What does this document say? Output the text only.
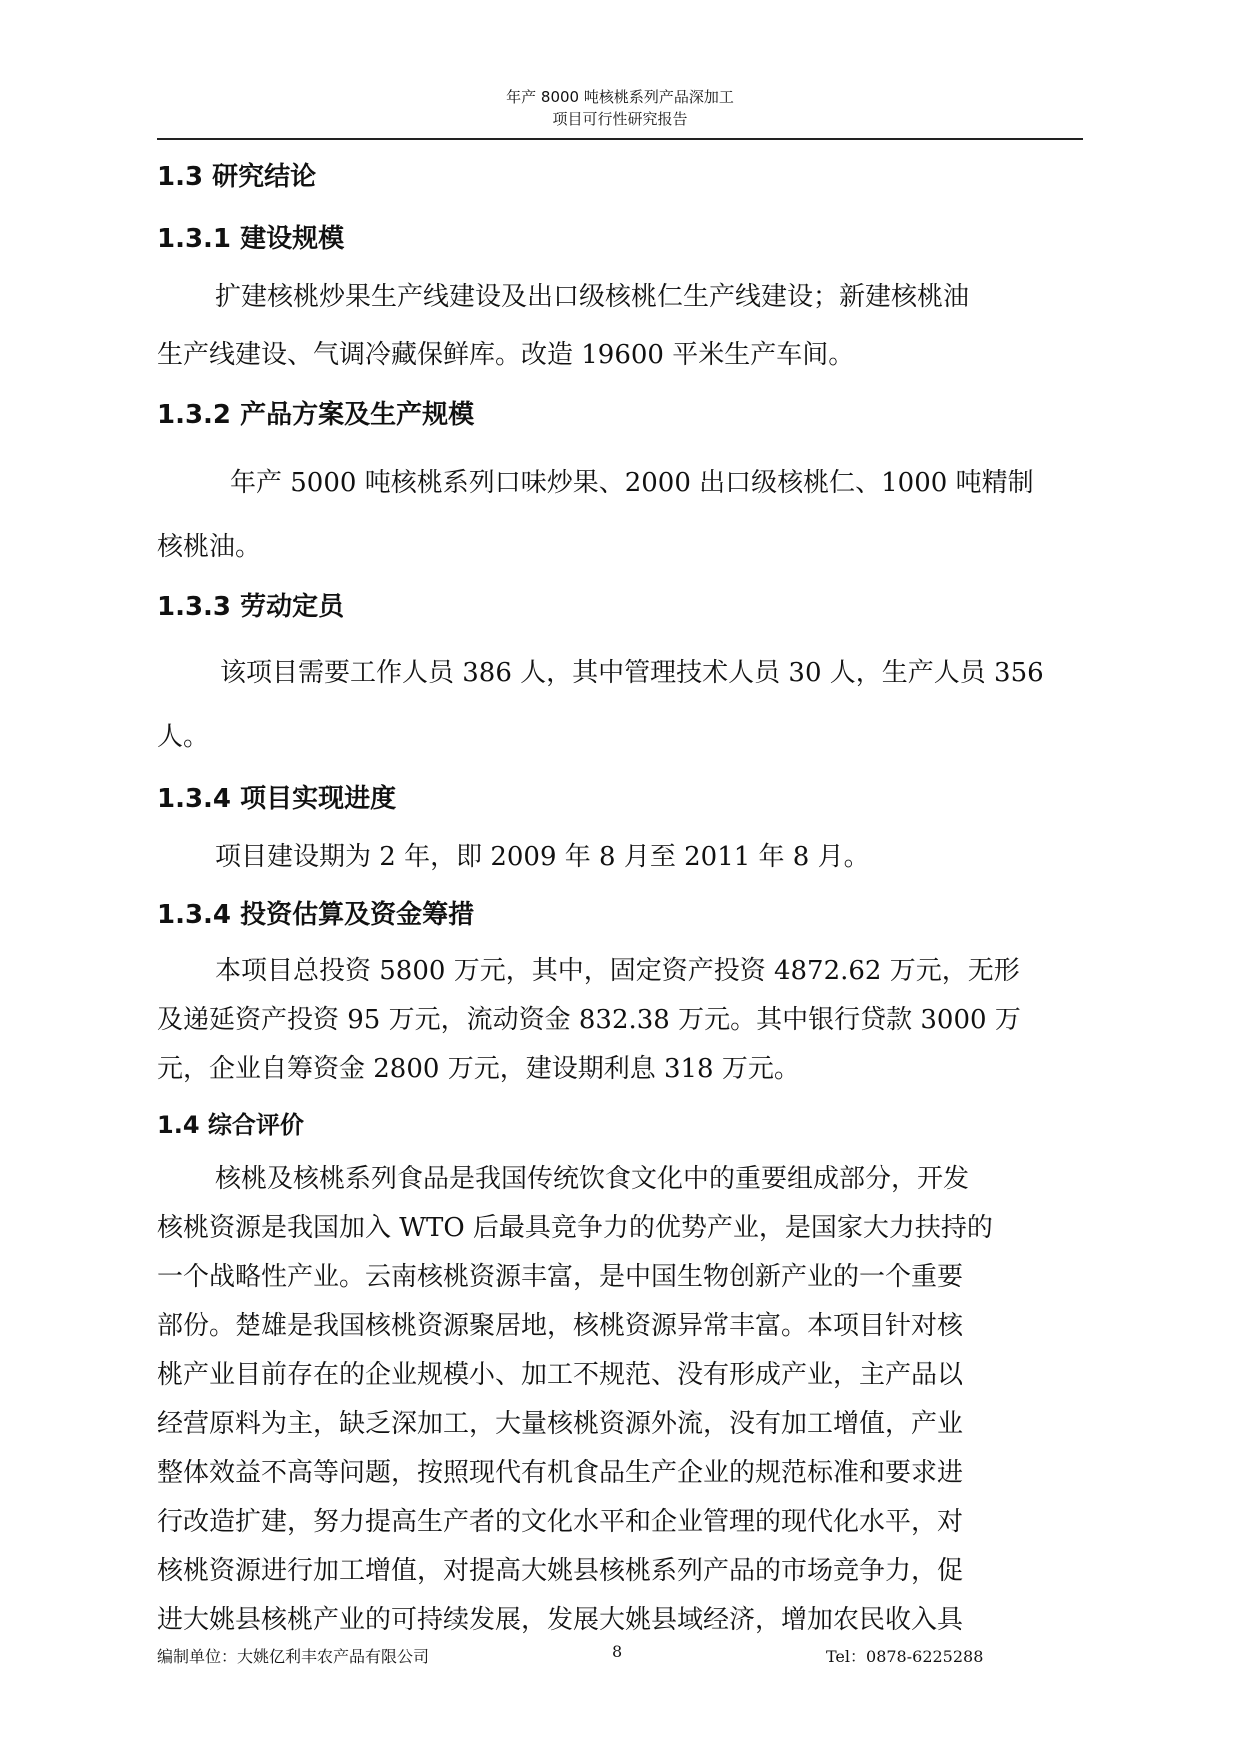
年产 8000 吨核桃系列产品深加工
项目可行性研究报告
1.3 研究结论
1.3.1 建设规模
扩建核桃炒果生产线建设及出口级核桃仁生产线建设；新建核桃油
生产线建设、气调冷藏保鲜库。改造 19600 平米生产车间。
1.3.2 产品方案及生产规模
年产 5000 吨核桃系列口味炒果、2000 出口级核桃仁、1000 吨精制
核桃油。
1.3.3 劳动定员
该项目需要工作人员 386 人，其中管理技术人员 30 人，生产人员 356
人。
1.3.4 项目实现进度
项目建设期为 2 年，即 2009 年 8 月至 2011 年 8 月。
1.3.4 投资估算及资金筹措
本项目总投资 5800 万元，其中，固定资产投资 4872.62 万元，无形
及递延资产投资 95 万元，流动资金 832.38 万元。其中银行贷款 3000 万
元，企业自筹资金 2800 万元，建设期利息 318 万元。
1.4 综合评价
核桃及核桃系列食品是我国传统饮食文化中的重要组成部分，开发
核桃资源是我国加入 WTO 后最具竞争力的优势产业，是国家大力扶持的
一个战略性产业。云南核桃资源丰富，是中国生物创新产业的一个重要
部份。楚雄是我国核桃资源聚居地，核桃资源异常丰富。本项目针对核
桃产业目前存在的企业规模小、加工不规范、没有形成产业，主产品以
经营原料为主，缺乏深加工，大量核桃资源外流，没有加工增值，产业
整体效益不高等问题，按照现代有机食品生产企业的规范标准和要求进
行改造扩建，努力提高生产者的文化水平和企业管理的现代化水平，对
核桃资源进行加工增值，对提高大姚县核桃系列产品的市场竞争力，促
进大姚县核桃产业的可持续发展，发展大姚县域经济，增加农民收入具
编制单位：大姚亿利丰农产品有限公司	8	Tel：0878-6225288
